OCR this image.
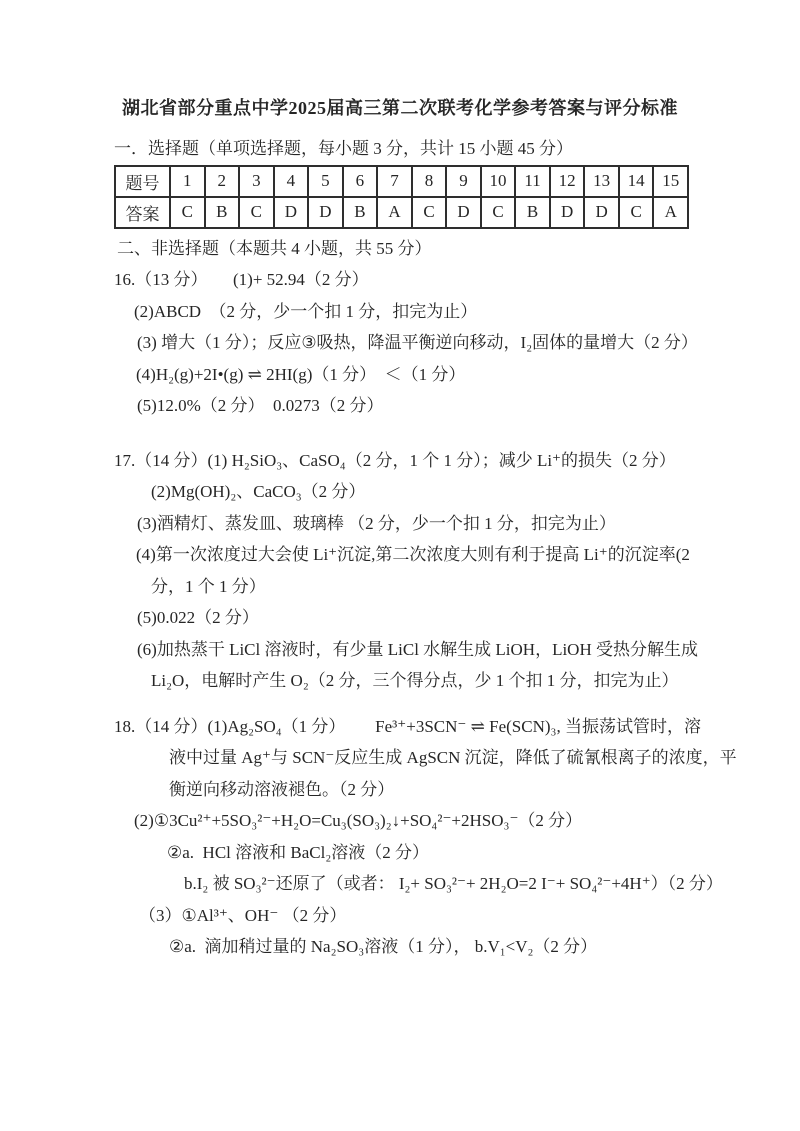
湖北省部分重点中学2025届高三第二次联考化学参考答案与评分标准
一．选择题（单项选择题，每小题 3 分，共计 15 小题 45 分）
题号	1	2	3	4	5	6	7	8	9	10	11	12	13	14	15
答案	C	B	C	D	D	B	A	C	D	C	B	D	D	C	A
二、非选择题（本题共 4 小题，共 55 分）
16.（13 分）　　(1)+ 52.94（2 分）
(2)ABCD　（2 分，少一个扣 1 分，扣完为止）
(3) 增大（1 分）；反应③吸热，降温平衡逆向移动，I₂固体的量增大（2 分）
(4)H₂(g)+2I•(g) ⇌ 2HI(g)（1 分）　＜（1 分）
(5)12.0%（2 分）　0.0273（2 分）
17.（14 分）(1) H₂SiO₃、CaSO₄（2 分，1 个 1 分）；减少 Li⁺的损失（2 分）
(2)Mg(OH)₂、CaCO₃（2 分）
(3)酒精灯、蒸发皿、玻璃棒 （2 分，少一个扣 1 分，扣完为止）
(4)第一次浓度过大会使 Li⁺沉淀,第二次浓度大则有利于提高 Li⁺的沉淀率(2
分，1 个 1 分）
(5)0.022（2 分）
(6)加热蒸干 LiCl 溶液时，有少量 LiCl 水解生成 LiOH，LiOH 受热分解生成
Li₂O，电解时产生 O₂（2 分，三个得分点，少 1 个扣 1 分，扣完为止）
18.（14 分）(1)Ag₂SO₄（1 分）　　 Fe³⁺+3SCN⁻ ⇌ Fe(SCN)₃, 当振荡试管时，溶
液中过量 Ag⁺与 SCN⁻反应生成 AgSCN 沉淀，降低了硫氰根离子的浓度，平
衡逆向移动溶液褪色。（2 分）
(2)①3Cu²⁺+5SO₃²⁻+H₂O=Cu₃(SO₃)₂↓+SO₄²⁻+2HSO₃⁻（2 分）
②a.  HCl 溶液和 BaCl₂溶液（2 分）
b.I₂ 被 SO₃²⁻还原了（或者： I₂+ SO₃²⁻+ 2H₂O=2 I⁻+ SO₄²⁻+4H⁺）（2 分）
（3）①Al³⁺、OH⁻ （2 分）
②a.  滴加稍过量的 Na₂SO₃溶液（1 分）， b.V₁<V₂（2 分）
